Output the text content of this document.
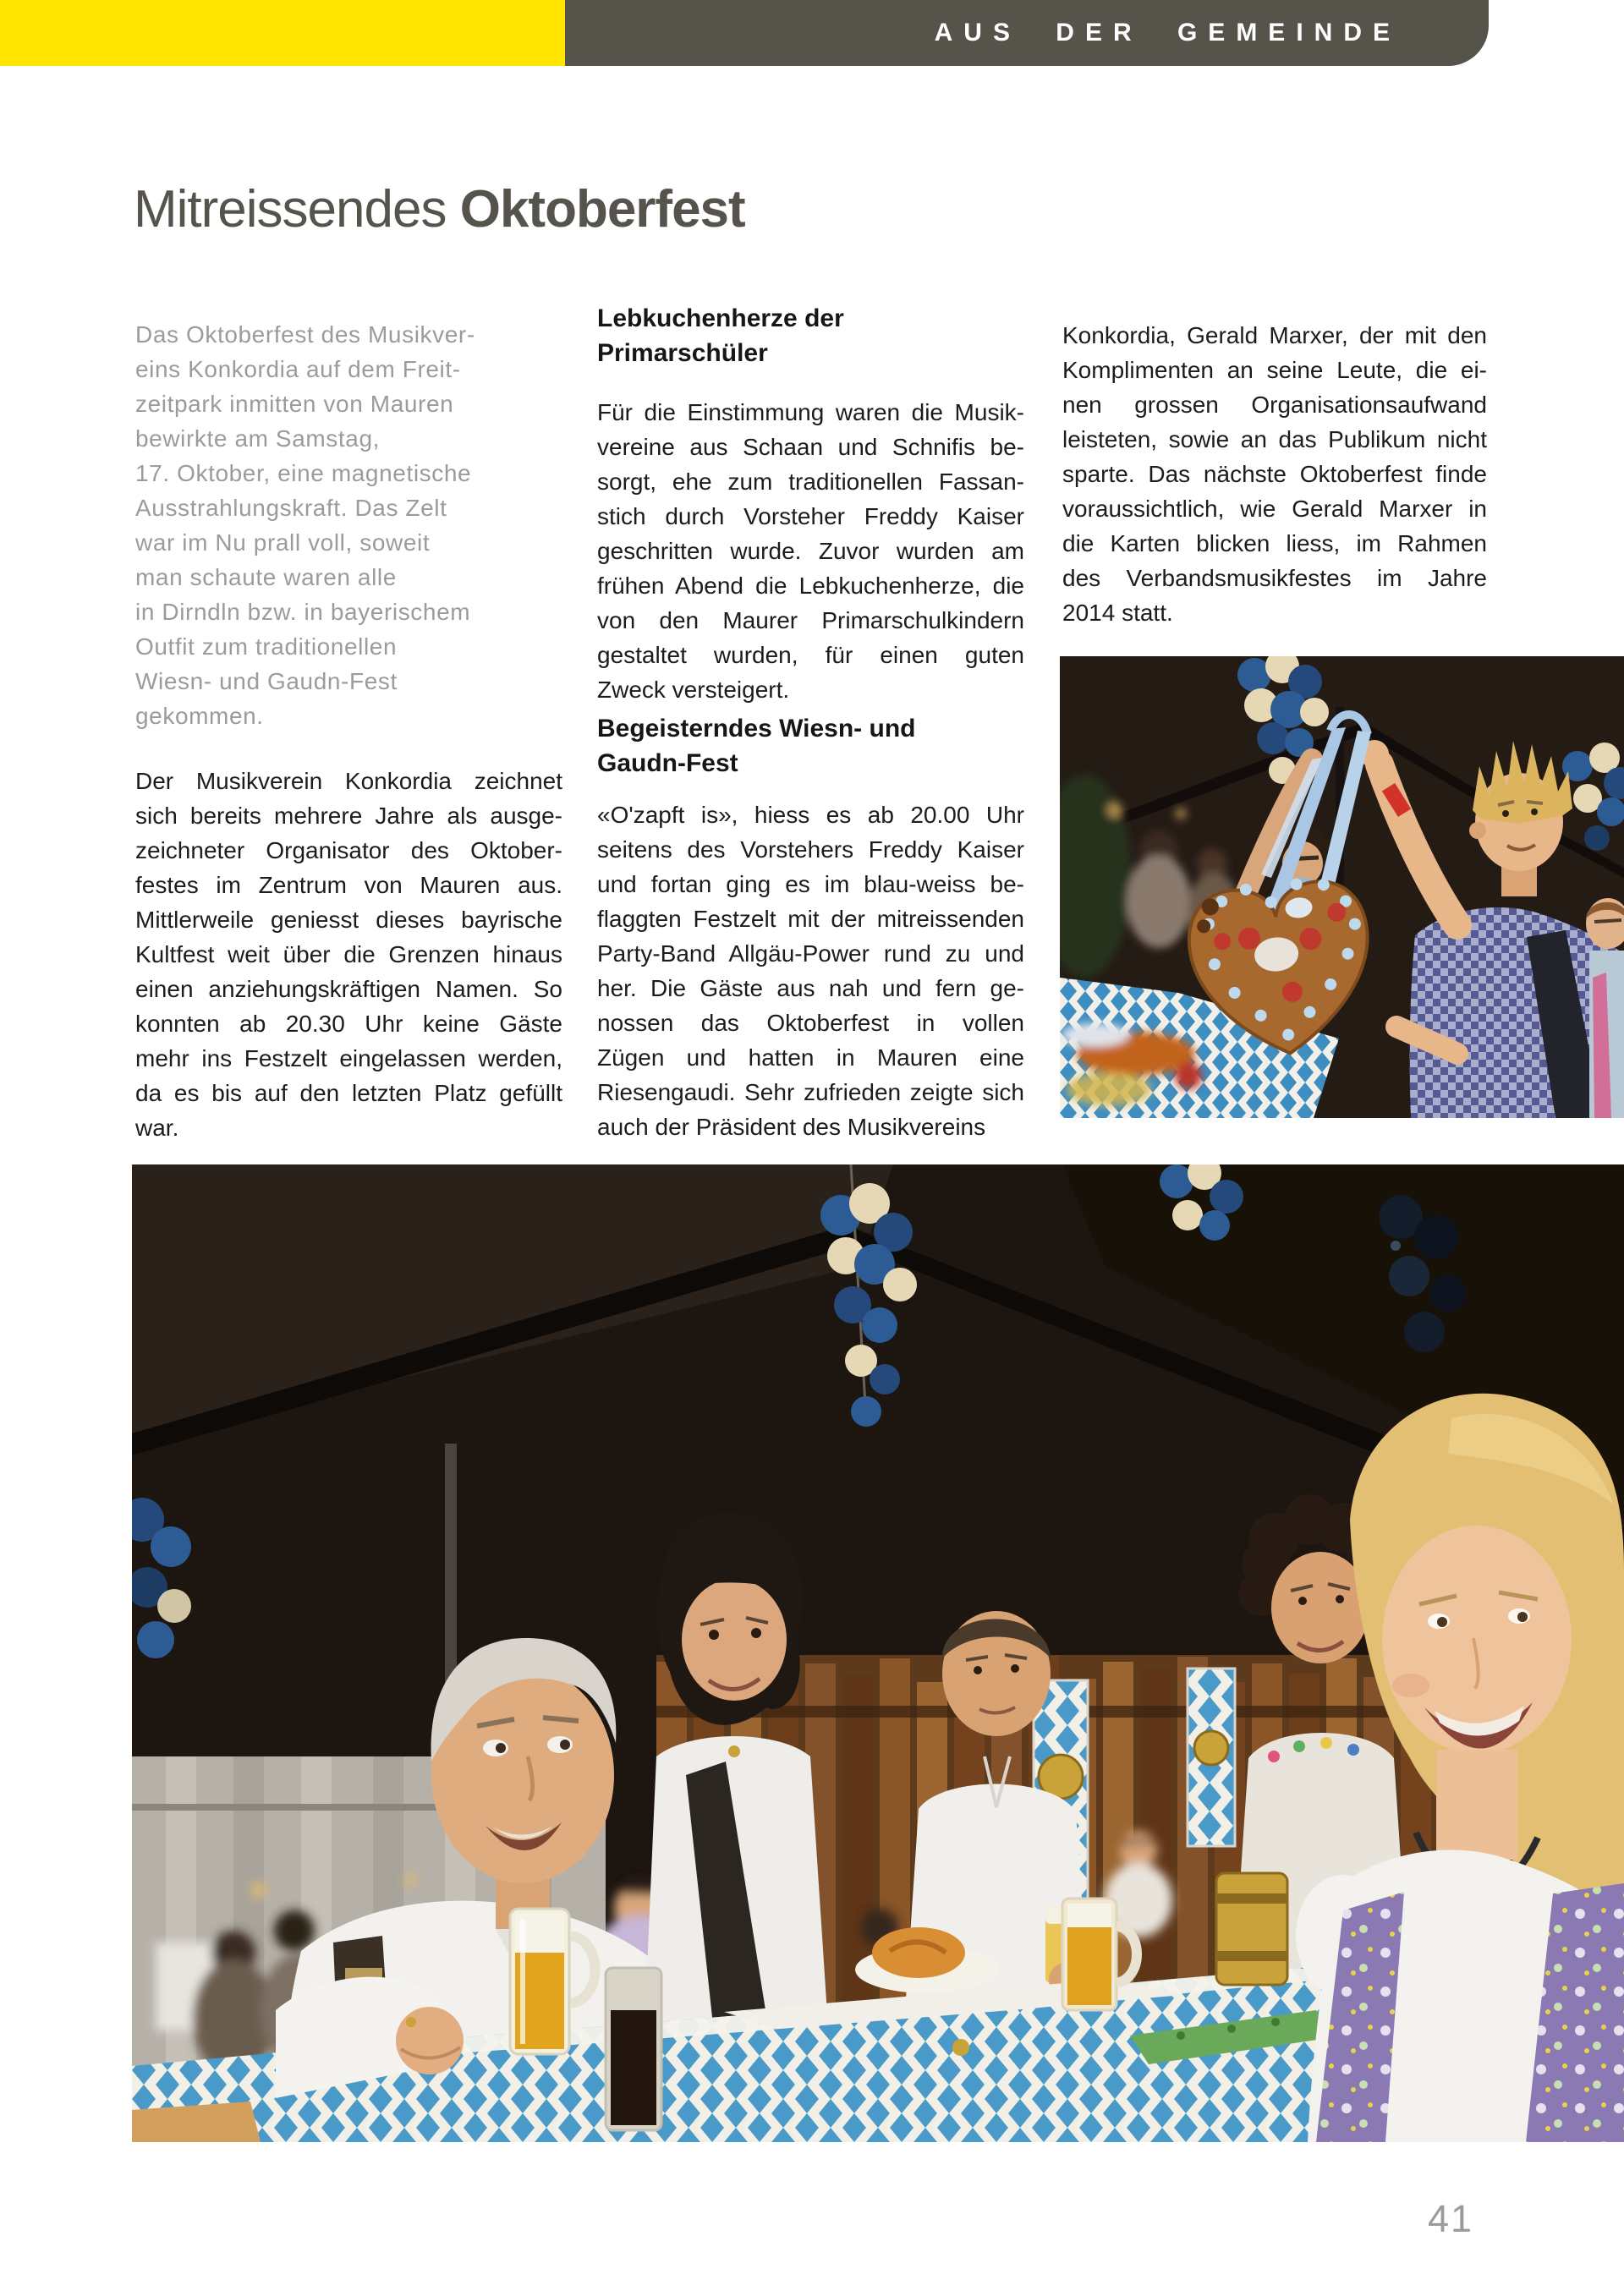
AUS DER GEMEINDE
Mitreissendes Oktoberfest
Das Oktoberfest des Musikver-
eins Konkordia auf dem Freit-
zeitpark inmitten von Mauren
bewirkte am Samstag,
17. Oktober, eine magnetische
Ausstrahlungskraft. Das Zelt
war im Nu prall voll, soweit
man schaute waren alle
in Dirndln bzw. in bayerischem
Outfit zum traditionellen
Wiesn- und Gaudn-Fest
gekommen.
Der Musikverein Konkordia zeichnet
sich bereits mehrere Jahre als ausge-
zeichneter Organisator des Oktober-
festes im Zentrum von Mauren aus.
Mittlerweile geniesst dieses bayrische
Kultfest weit über die Grenzen hinaus
einen anziehungskräftigen Namen. So
konnten ab 20.30 Uhr keine Gäste
mehr ins Festzelt eingelassen werden,
da es bis auf den letzten Platz gefüllt
war.
Lebkuchenherze der
Primarschüler
Für die Einstimmung waren die Musik-
vereine aus Schaan und Schnifis be-
sorgt, ehe zum traditionellen Fassan-
stich durch Vorsteher Freddy Kaiser
geschritten wurde. Zuvor wurden am
frühen Abend die Lebkuchenherze, die
von den Maurer Primarschulkindern
gestaltet wurden, für einen guten
Zweck versteigert.
Begeisterndes Wiesn- und
Gaudn-Fest
«O'zapft is», hiess es ab 20.00 Uhr
seitens des Vorstehers Freddy Kaiser
und fortan ging es im blau-weiss be-
flaggten Festzelt mit der mitreissenden
Party-Band Allgäu-Power rund zu und
her. Die Gäste aus nah und fern ge-
nossen das Oktoberfest in vollen
Zügen und hatten in Mauren eine
Riesengaudi. Sehr zufrieden zeigte sich
auch der Präsident des Musikvereins
Konkordia, Gerald Marxer, der mit den
Komplimenten an seine Leute, die ei-
nen grossen Organisationsaufwand
leisteten, sowie an das Publikum nicht
sparte. Das nächste Oktoberfest finde
voraussichtlich, wie Gerald Marxer in
die Karten blicken liess, im Rahmen
des Verbandsmusikfestes im Jahre
2014 statt.
41
